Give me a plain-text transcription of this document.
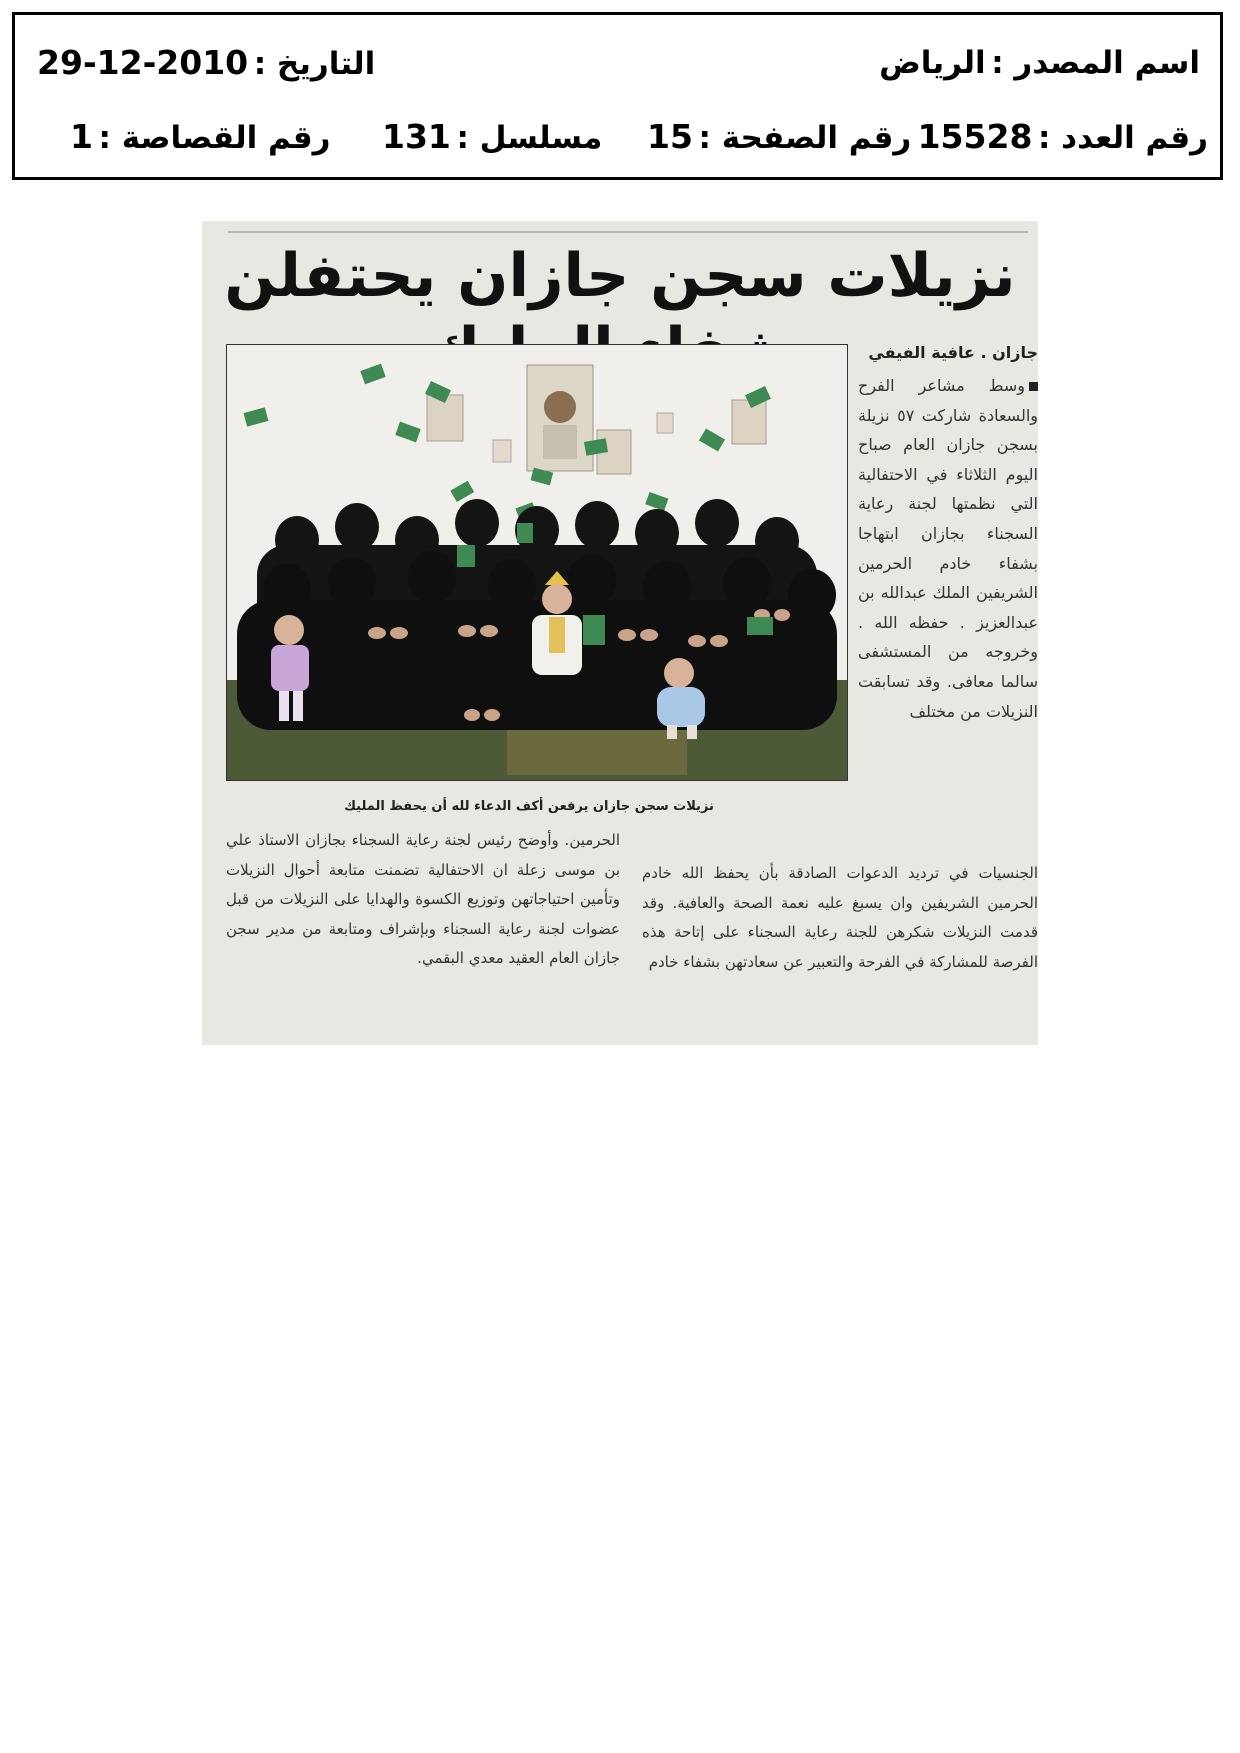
اسم المصدر : الرياض
التاريخ : 2010-12-29
رقم العدد : 15528
رقم الصفحة : 15
مسلسل : 131
رقم القصاصة : 1
نزيلات سجن جازان يحتفلن
جازان . عافية الفيفي
وسط مشاعر الفرح والسعادة شاركت ٥٧ نزيلة بسجن جازان العام صباح اليوم الثلاثاء في الاحتفالية التي نظمتها لجنة رعاية السجناء بجازان ابتهاجا بشفاء خادم الحرمين الشريفين الملك عبدالله بن عبدالعزيز . حفظه الله . وخروجه من المستشفى سالما معافى. وقد تسابقت النزيلات من مختلف
نزيلات سجن جازان يرفعن أكف الدعاء لله أن يحفظ المليك
الجنسيات في ترديد الدعوات الصادقة بأن يحفظ الله خادم الحرمين الشريفين وان يسبغ عليه نعمة الصحة والعافية. وقد قدمت النزيلات شكرهن للجنة رعاية السجناء على إتاحة هذه الفرصة للمشاركة في الفرحة والتعبير عن سعادتهن بشفاء خادم
الحرمين. وأوضح رئيس لجنة رعاية السجناء بجازان الاستاذ علي بن موسى زعلة ان الاحتفالية تضمنت متابعة أحوال النزيلات وتأمين احتياجاتهن وتوزيع الكسوة والهدايا على النزيلات من قبل عضوات لجنة رعاية السجناء وبإشراف ومتابعة من مدير سجن جازان العام العقيد معدي البقمي.
